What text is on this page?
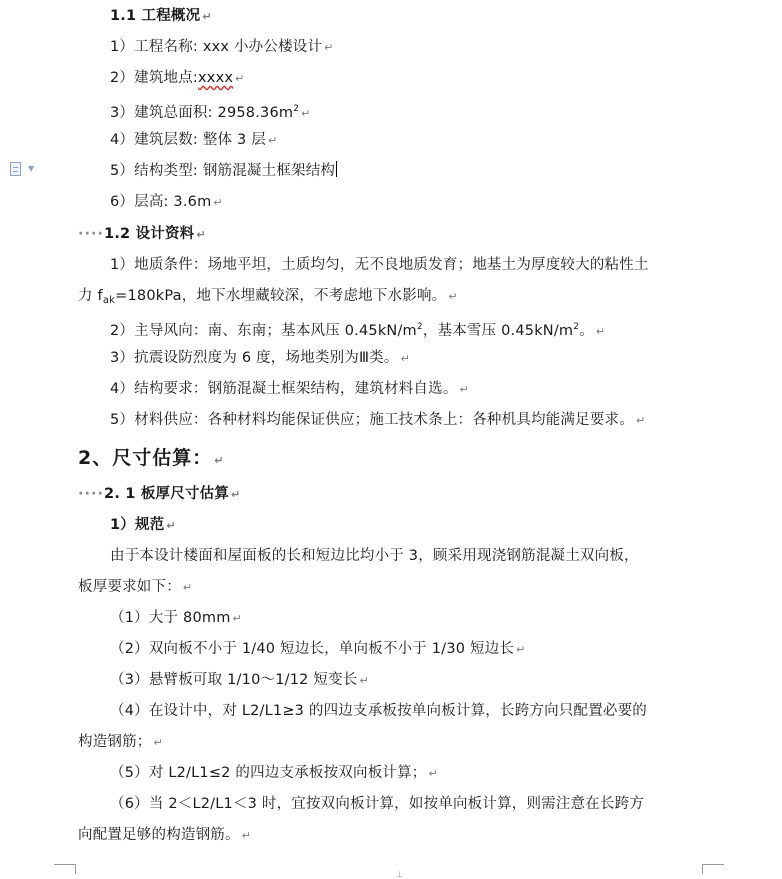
1.1 工程概况 ↵
1）工程名称: xxx 小办公楼设计 ↵
2）建筑地点:xxxx ↵
3）建筑总面积: $2958.36m^2$ ↵
4）建筑层数: 整体 3 层 ↵
▼	5）结构类型: 钢筋混凝土框架结构
6）层高: 3.6m ↵
····1.2 设计资料 ↵
1）地质条件：场地平坦，土质均匀，无不良地质发育；地基土为厚度较大的粘性土
力 $f_{ak}=180kPa$，地下水埋藏较深，不考虑地下水影响。 ↵
2）主导风向：南、东南；基本风压 $0.45kN/m^2$，基本雪压 $0.45kN/m^2$。 ↵
3）抗震设防烈度为 6 度，场地类别为Ⅲ类。 ↵
4）结构要求：钢筋混凝土框架结构，建筑材料自选。 ↵
5）材料供应：各种材料均能保证供应；施工技术条上：各种机具均能满足要求。 ↵
2、尺寸估算： ↵
····2. 1 板厚尺寸估算 ↵
1）规范 ↵
由于本设计楼面和屋面板的长和短边比均小于 3，顾采用现浇钢筋混凝土双向板，
板厚要求如下： ↵
（1）大于 80mm ↵
（2）双向板不小于 1/40 短边长，单向板不小于 1/30 短边长 ↵
（3）悬臂板可取 1/10～1/12 短变长 ↵
（4）在设计中，对 L2/L1≥3 的四边支承板按单向板计算，长跨方向只配置必要的
构造钢筋； ↵
（5）对 L2/L1≤2 的四边支承板按双向板计算； ↵
（6）当 2＜L2/L1＜3 时，宜按双向板计算，如按单向板计算，则需注意在长跨方
向配置足够的构造钢筋。 ↵
⊥
